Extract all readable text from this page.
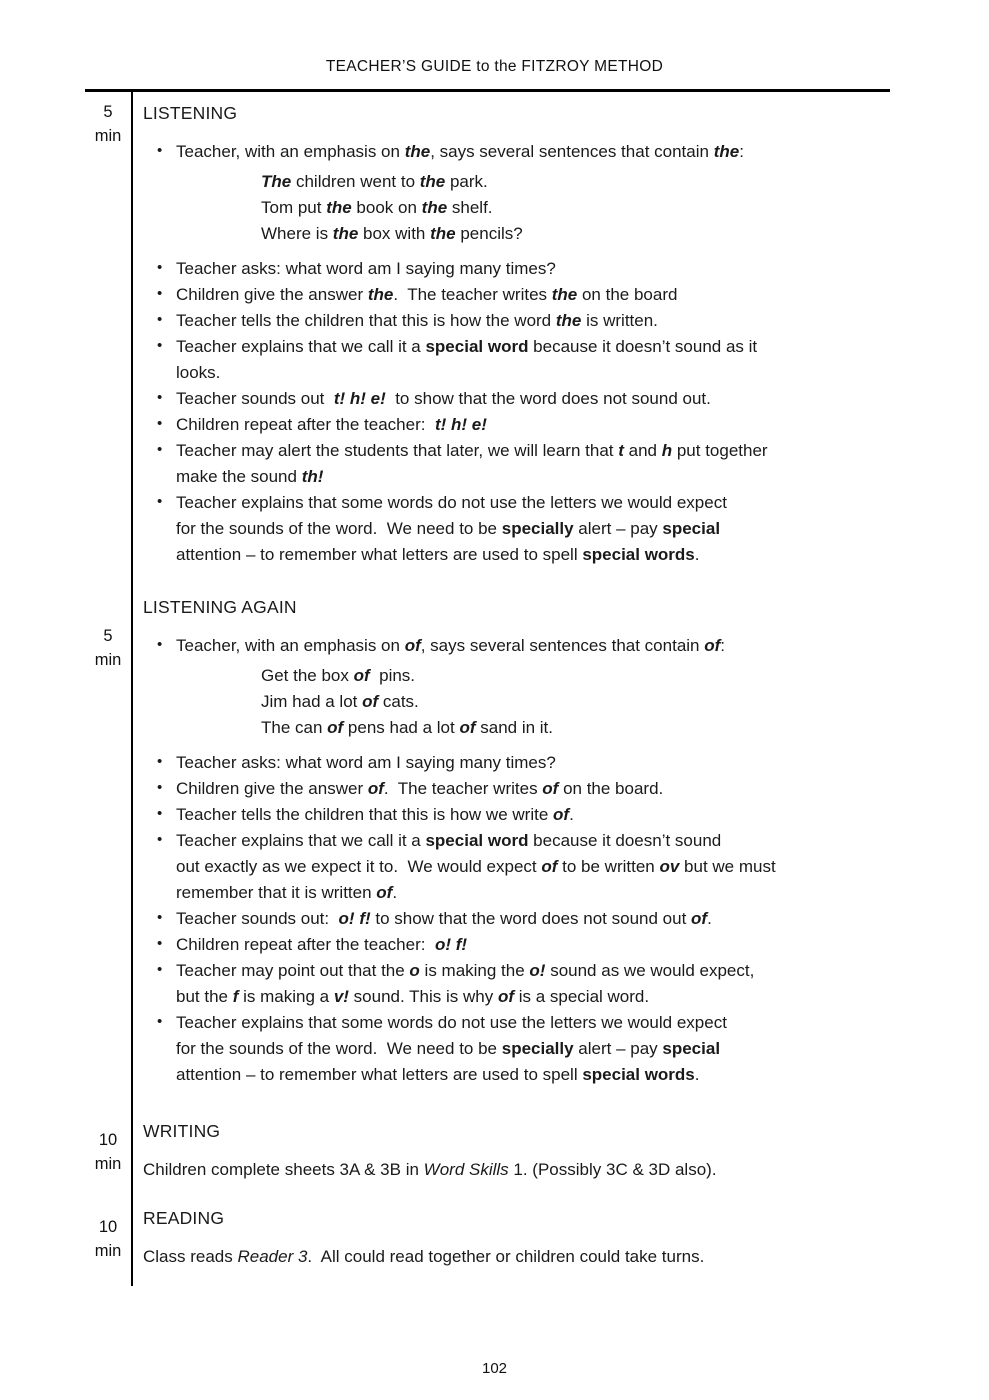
TEACHER’S GUIDE to the FITZROY METHOD
5
min
LISTENING
• Teacher, with an emphasis on the, says several sentences that contain the:
The children went to the park.
Tom put the book on the shelf.
Where is the box with the pencils?
• Teacher asks: what word am I saying many times?
• Children give the answer the.  The teacher writes the on the board
• Teacher tells the children that this is how the word the is written.
• Teacher explains that we call it a special word because it doesn’t sound as it
looks.
• Teacher sounds out  t! h! e!  to show that the word does not sound out.
• Children repeat after the teacher:  t! h! e!
• Teacher may alert the students that later, we will learn that t and h put together
make the sound th!
• Teacher explains that some words do not use the letters we would expect
for the sounds of the word.  We need to be specially alert – pay special
attention – to remember what letters are used to spell special words.
5
min
LISTENING AGAIN
• Teacher, with an emphasis on of, says several sentences that contain of:
Get the box of  pins.
Jim had a lot of cats.
The can of pens had a lot of sand in it.
• Teacher asks: what word am I saying many times?
• Children give the answer of.  The teacher writes of on the board.
• Teacher tells the children that this is how we write of.
• Teacher explains that we call it a special word because it doesn’t sound
out exactly as we expect it to.  We would expect of to be written ov but we must
remember that it is written of.
• Teacher sounds out:  o! f! to show that the word does not sound out of.
• Children repeat after the teacher:  o! f!
• Teacher may point out that the o is making the o! sound as we would expect,
but the f is making a v! sound. This is why of is a special word.
• Teacher explains that some words do not use the letters we would expect
for the sounds of the word.  We need to be specially alert – pay special
attention – to remember what letters are used to spell special words.
10
min
WRITING
Children complete sheets 3A & 3B in Word Skills 1. (Possibly 3C & 3D also).
10
min
READING
Class reads Reader 3.  All could read together or children could take turns.
102
